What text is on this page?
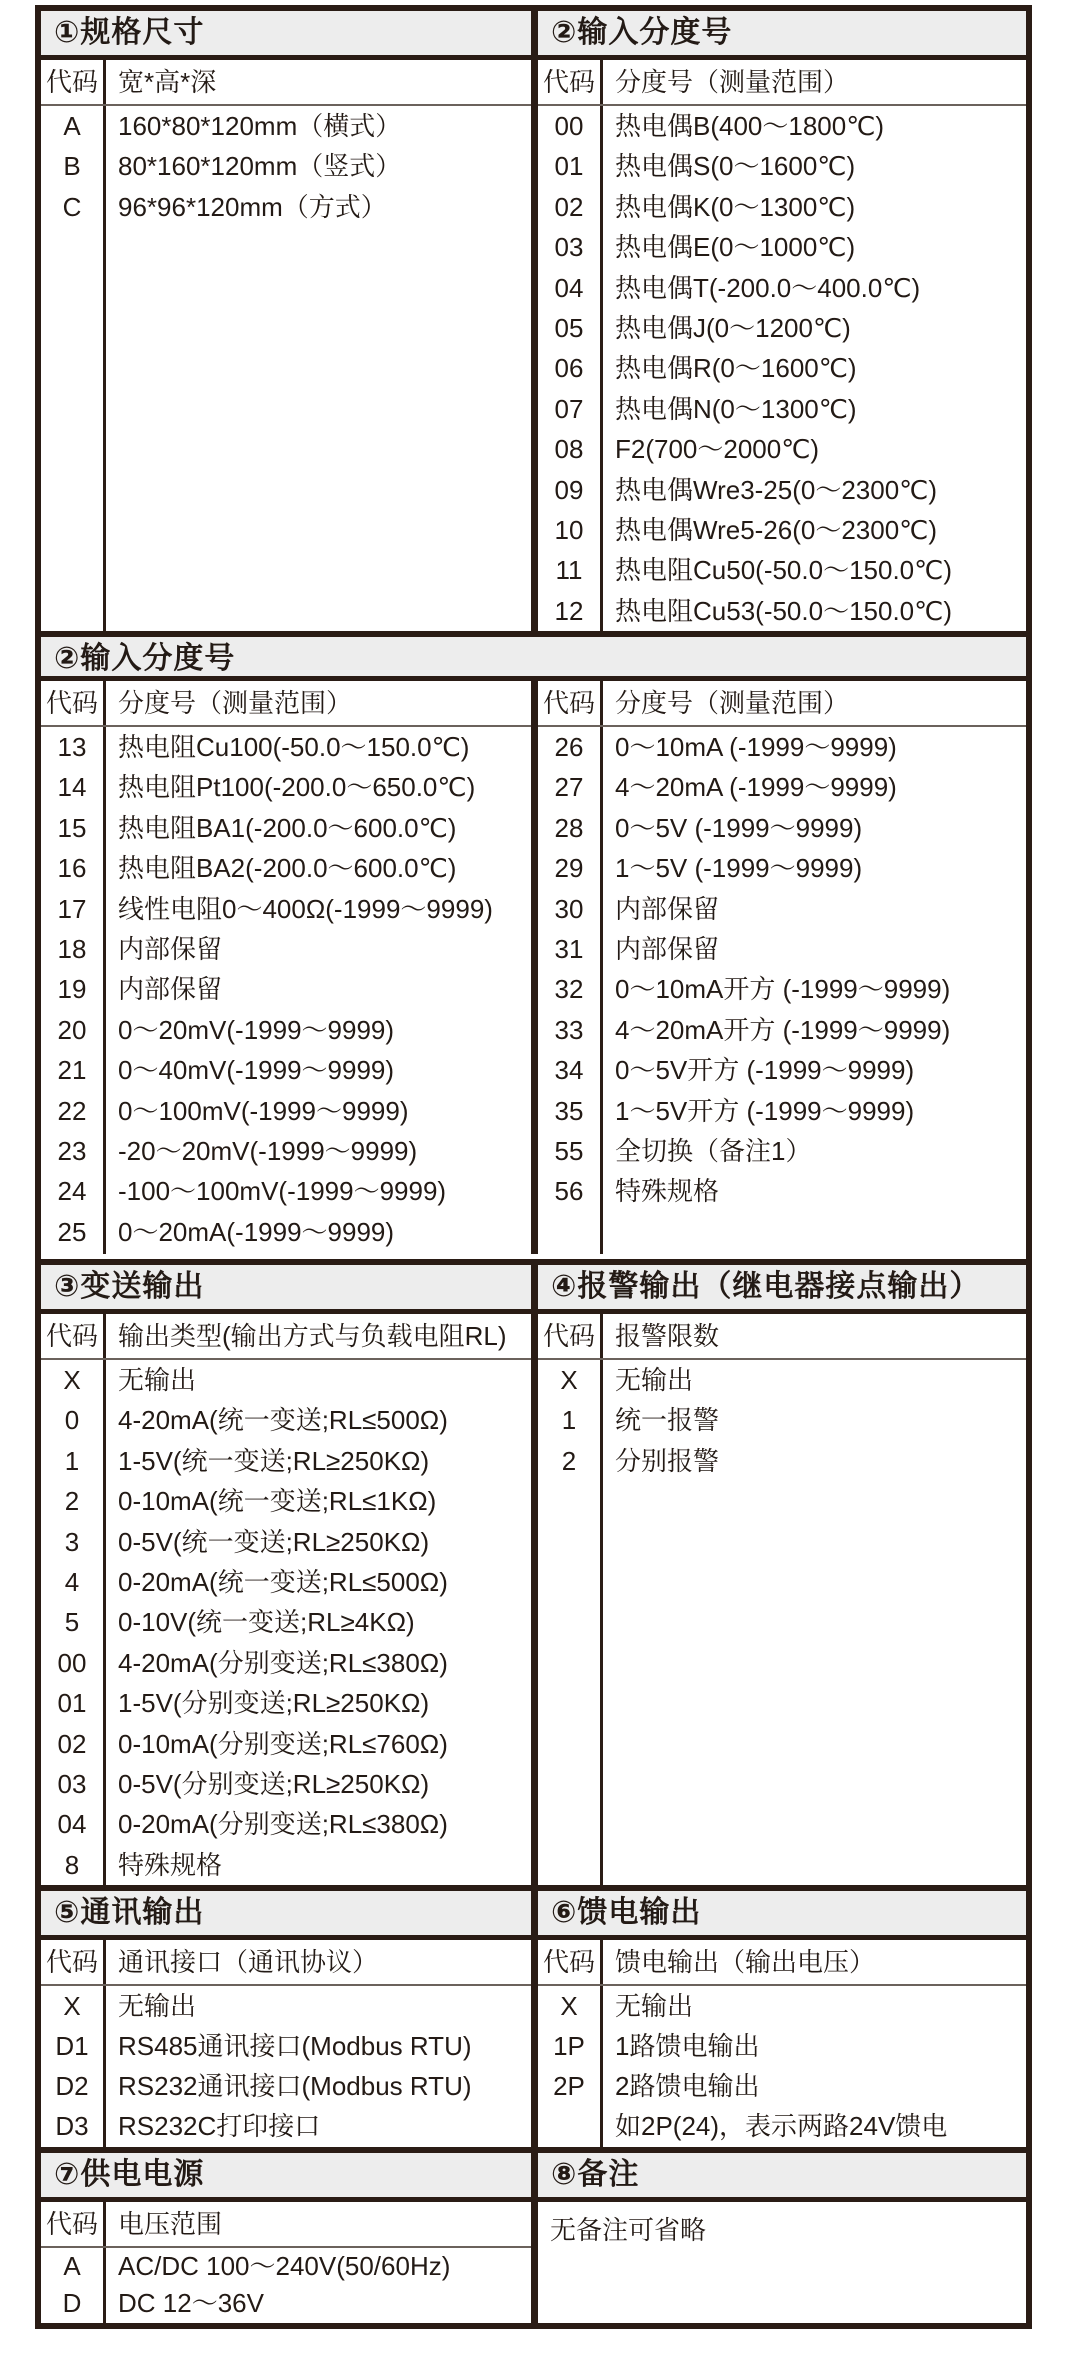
①规格尺寸
代码 宽*高*深
A	160*80*120mm（横式）
B	80*160*120mm（竖式）
C	96*96*120mm（方式）
②输入分度号
代码 分度号（测量范围）
00	热电偶B(400～1800℃)
01	热电偶S(0～1600℃)
02	热电偶K(0～1300℃)
03	热电偶E(0～1000℃)
04	热电偶T(-200.0～400.0℃)
05	热电偶J(0～1200℃)
06	热电偶R(0～1600℃)
07	热电偶N(0～1300℃)
08	F2(700～2000℃)
09	热电偶Wre3-25(0～2300℃)
10	热电偶Wre5-26(0～2300℃)
11	热电阻Cu50(-50.0～150.0℃)
12	热电阻Cu53(-50.0～150.0℃)
②输入分度号
代码 分度号（测量范围）
13	热电阻Cu100(-50.0～150.0℃)
14	热电阻Pt100(-200.0～650.0℃)
15	热电阻BA1(-200.0～600.0℃)
16	热电阻BA2(-200.0～600.0℃)
17	线性电阻0～400Ω(-1999～9999)
18	内部保留
19	内部保留
20	0～20mV(-1999～9999)
21	0～40mV(-1999～9999)
22	0～100mV(-1999～9999)
23	-20～20mV(-1999～9999)
24	-100～100mV(-1999～9999)
25	0～20mA(-1999～9999)
代码 分度号（测量范围）
26	0～10mA (-1999～9999)
27	4～20mA (-1999～9999)
28	0～5V (-1999～9999)
29	1～5V (-1999～9999)
30	内部保留
31	内部保留
32	0～10mA开方 (-1999～9999)
33	4～20mA开方 (-1999～9999)
34	0～5V开方 (-1999～9999)
35	1～5V开方 (-1999～9999)
55	全切换（备注1）
56	特殊规格
③变送输出
代码 输出类型(输出方式与负载电阻RL)
X	无输出
0	4-20mA(统一变送;RL≤500Ω)
1	1-5V(统一变送;RL≥250KΩ)
2	0-10mA(统一变送;RL≤1KΩ)
3	0-5V(统一变送;RL≥250KΩ)
4	0-20mA(统一变送;RL≤500Ω)
5	0-10V(统一变送;RL≥4KΩ)
00	4-20mA(分别变送;RL≤380Ω)
01	1-5V(分别变送;RL≥250KΩ)
02	0-10mA(分别变送;RL≤760Ω)
03	0-5V(分别变送;RL≥250KΩ)
04	0-20mA(分别变送;RL≤380Ω)
8	特殊规格
④报警输出（继电器接点输出）
代码 报警限数
X	无输出
1	统一报警
2	分别报警
⑤通讯输出
代码 通讯接口（通讯协议）
X	无输出
D1	RS485通讯接口(Modbus RTU)
D2	RS232通讯接口(Modbus RTU)
D3	RS232C打印接口
⑥馈电输出
代码 馈电输出（输出电压）
X	无输出
1P	1路馈电输出
2P	2路馈电输出
如2P(24)，表示两路24V馈电
⑦供电电源
代码 电压范围
A	AC/DC 100～240V(50/60Hz)
D	DC 12～36V
⑧备注
无备注可省略
